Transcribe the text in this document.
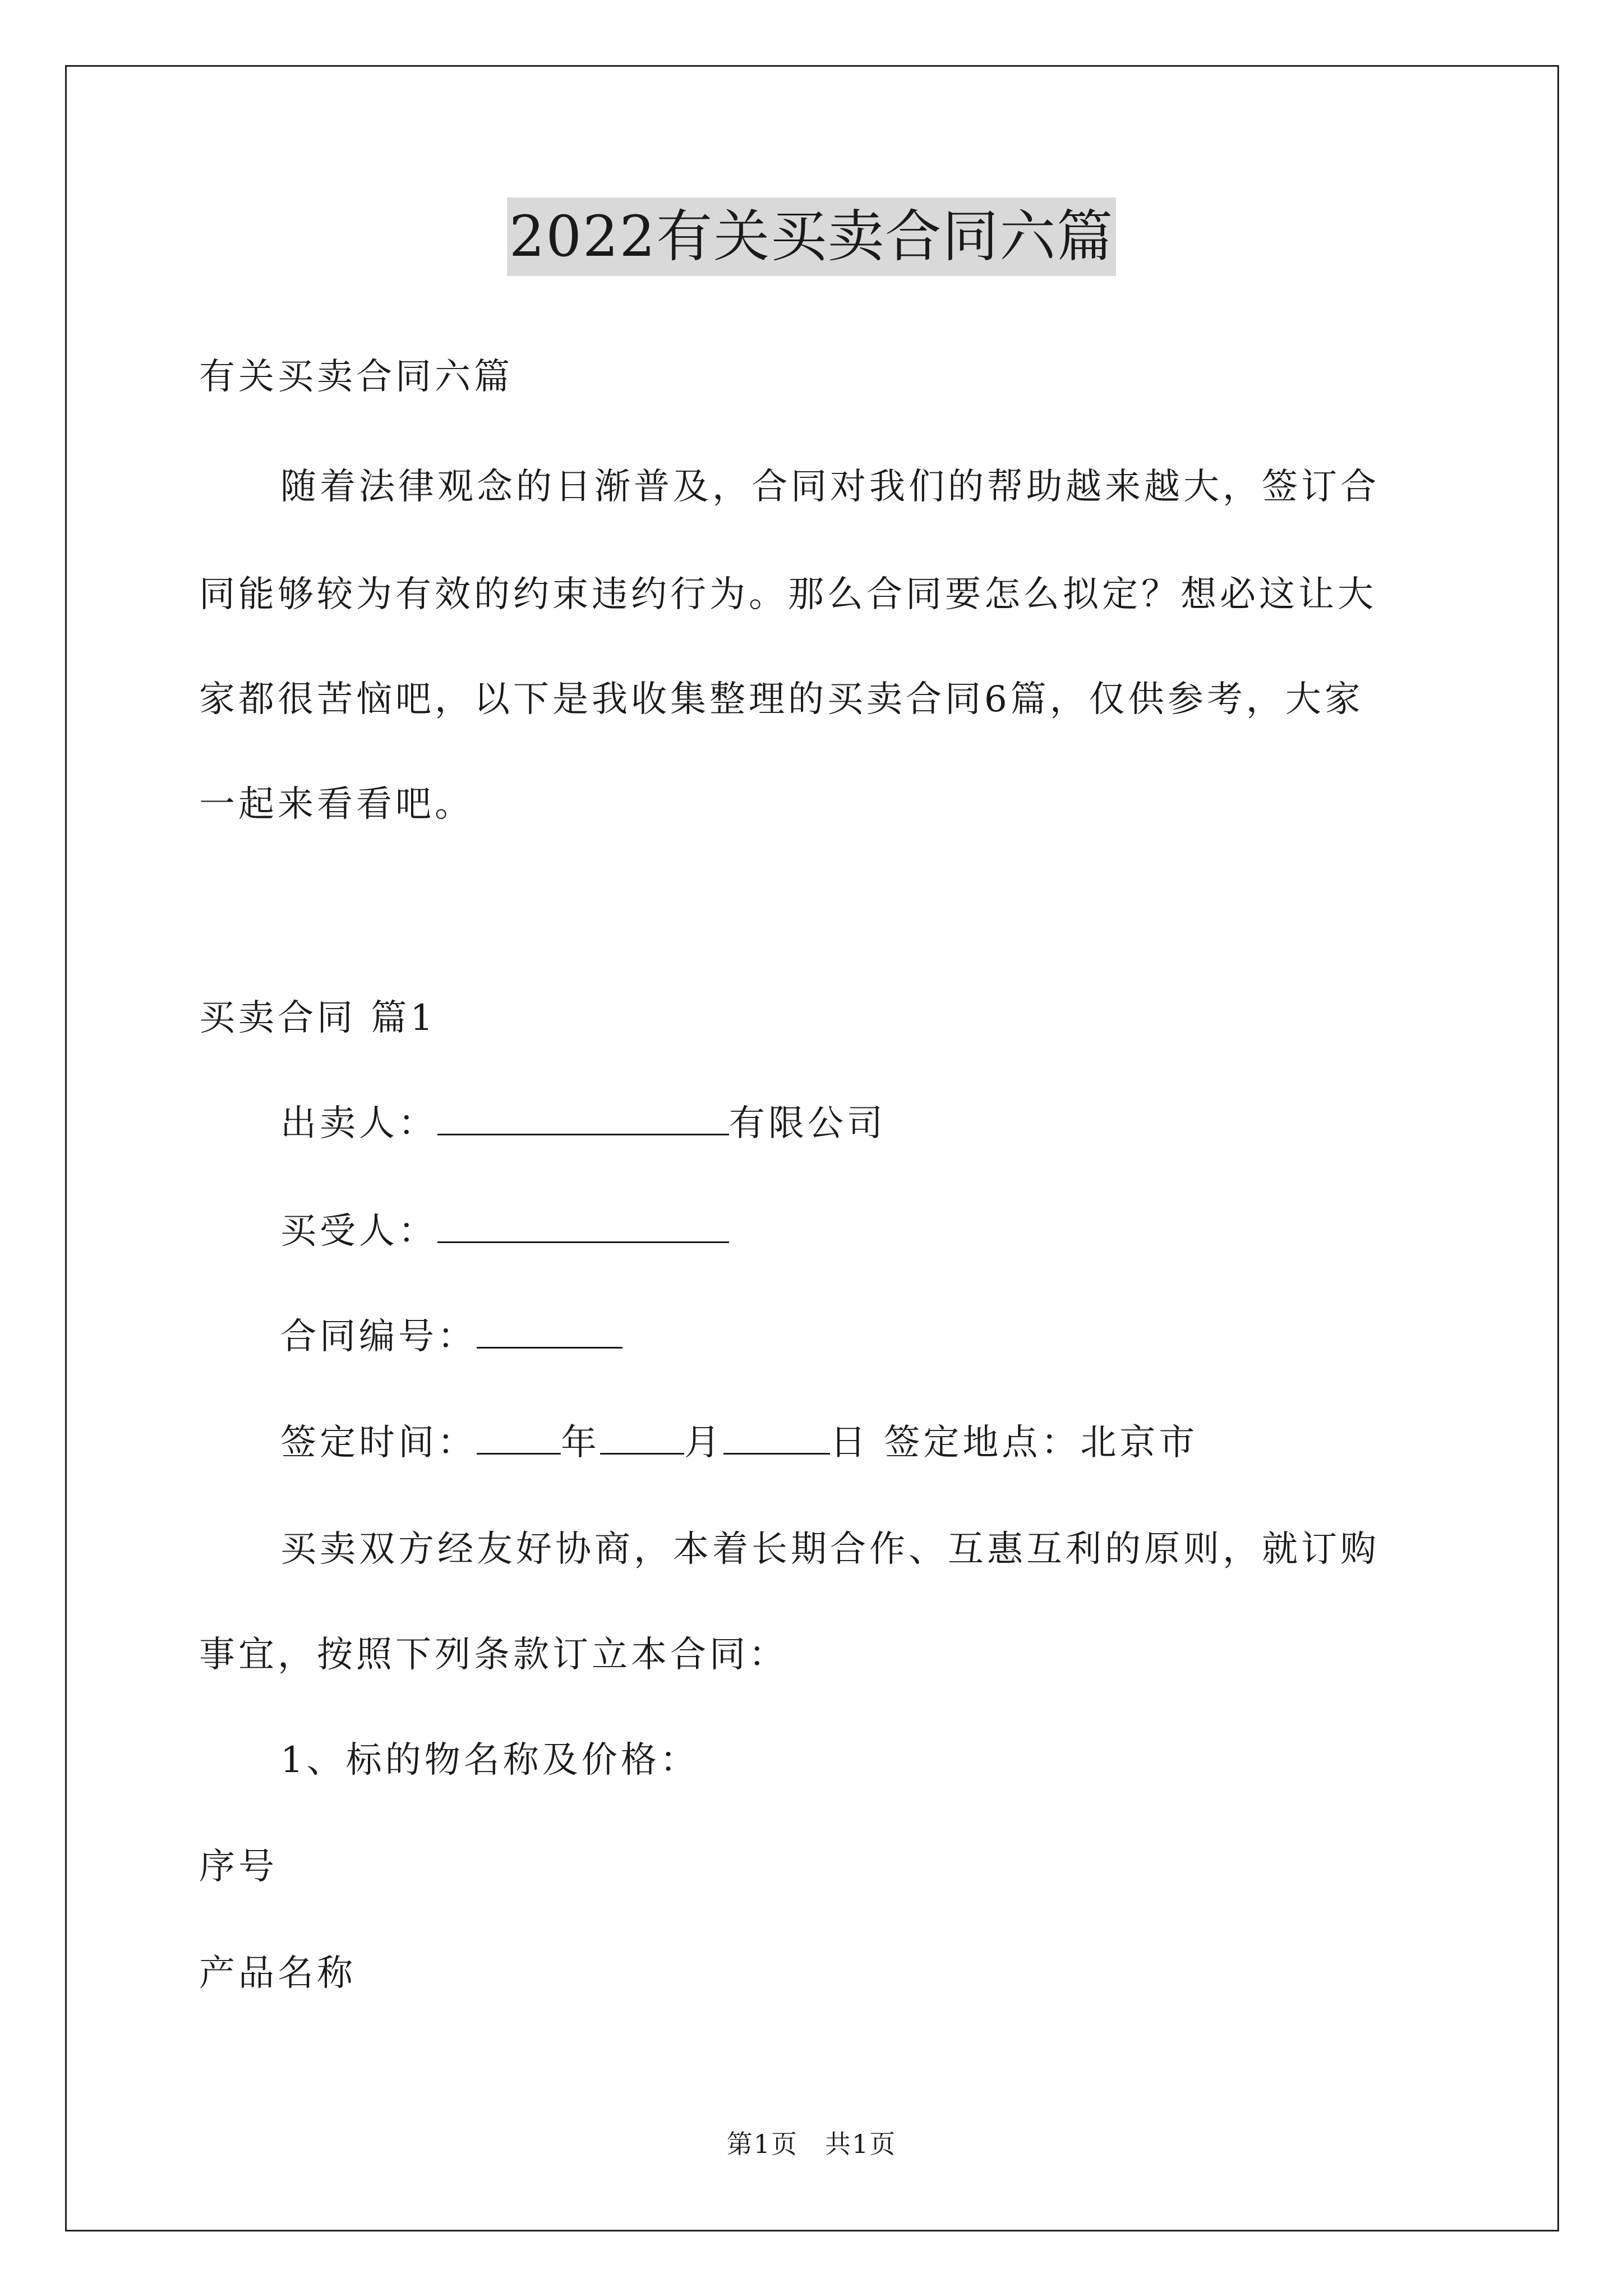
2022有关买卖合同六篇
有关买卖合同六篇
随着法律观念的日渐普及，合同对我们的帮助越来越大，签订合
同能够较为有效的约束违约行为。那么合同要怎么拟定？想必这让大
家都很苦恼吧，以下是我收集整理的买卖合同6篇，仅供参考，大家
一起来看看吧。
买卖合同 篇1
出卖人：	有限公司
买受人：
合同编号：
签定时间： 年 月	日 签定地点：北京市
买卖双方经友好协商，本着长期合作、互惠互利的原则，就订购
事宜，按照下列条款订立本合同：
1、标的物名称及价格：
序号
产品名称
第1页　共1页
